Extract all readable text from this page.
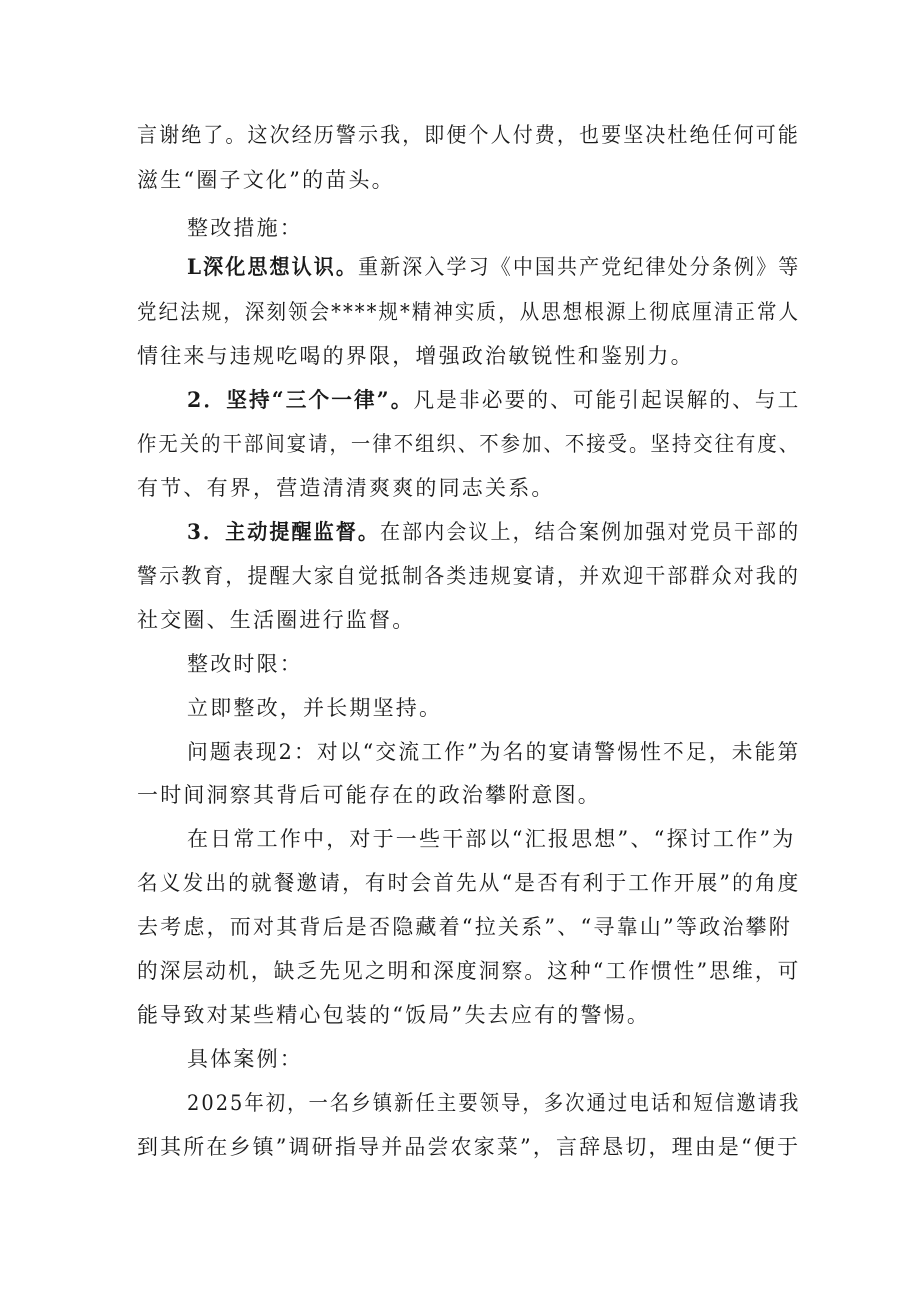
言谢绝了。这次经历警示我，即便个人付费，也要坚决杜绝任何可能

滋生“圈子文化”的苗头。

整改措施：

L深化思想认识。重新深入学习《中国共产党纪律处分条例》等

党纪法规，深刻领会****规*精神实质，从思想根源上彻底厘清正常人

情往来与违规吃喝的界限，增强政治敏锐性和鉴别力。

2．坚持“三个一律”。凡是非必要的、可能引起误解的、与工

作无关的干部间宴请，一律不组织、不参加、不接受。坚持交往有度、

有节、有界，营造清清爽爽的同志关系。

3．主动提醒监督。在部内会议上，结合案例加强对党员干部的

警示教育，提醒大家自觉抵制各类违规宴请，并欢迎干部群众对我的

社交圈、生活圈进行监督。

整改时限：

立即整改，并长期坚持。

问题表现2：对以“交流工作”为名的宴请警惕性不足，未能第

一时间洞察其背后可能存在的政治攀附意图。

在日常工作中，对于一些干部以“汇报思想”、“探讨工作”为

名义发出的就餐邀请，有时会首先从“是否有利于工作开展”的角度

去考虑，而对其背后是否隐藏着“拉关系”、“寻靠山”等政治攀附

的深层动机，缺乏先见之明和深度洞察。这种“工作惯性”思维，可

能导致对某些精心包装的“饭局”失去应有的警惕。

具体案例：

2025年初，一名乡镇新任主要领导，多次通过电话和短信邀请我

到其所在乡镇”调研指导并品尝农家菜”，言辞恳切，理由是“便于
